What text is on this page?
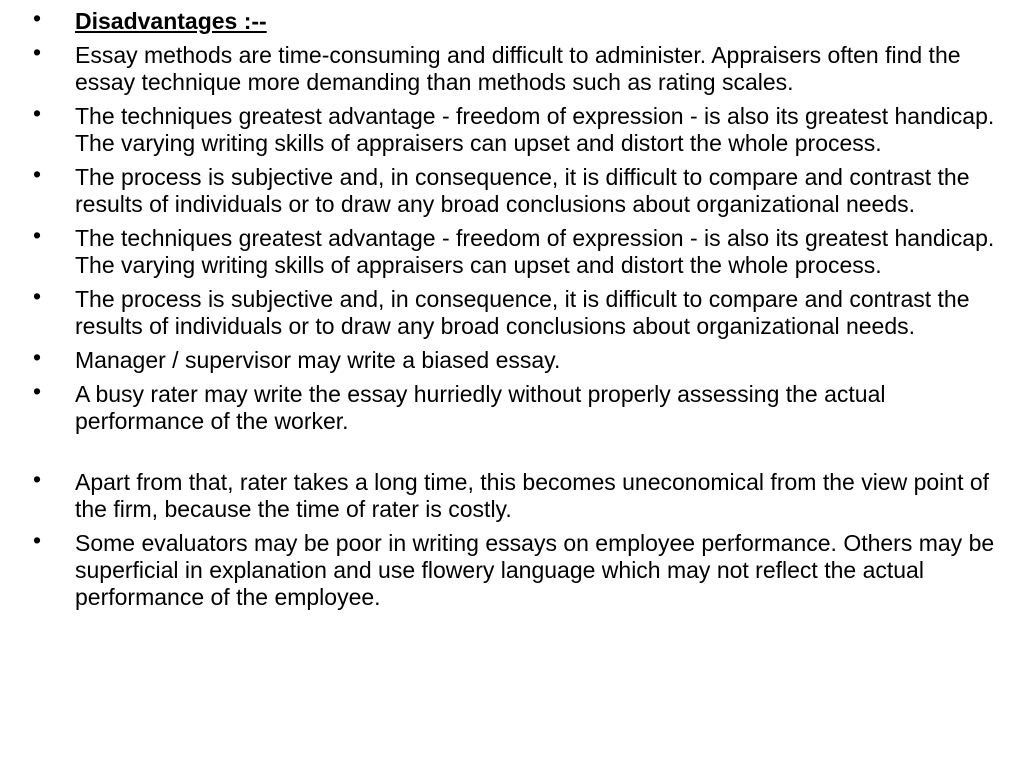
• Disadvantages :--
• Essay methods are time-consuming and difficult to administer. Appraisers often find the essay technique more demanding than methods such as rating scales.
• The techniques greatest advantage - freedom of expression - is also its greatest handicap. The varying writing skills of appraisers can upset and distort the whole process.
• The process is subjective and, in consequence, it is difficult to compare and contrast the results of individuals or to draw any broad conclusions about organizational needs.
• The techniques greatest advantage - freedom of expression - is also its greatest handicap. The varying writing skills of appraisers can upset and distort the whole process.
• The process is subjective and, in consequence, it is difficult to compare and contrast the results of individuals or to draw any broad conclusions about organizational needs.
• Manager / supervisor may write a biased essay.
• A busy rater may write the essay hurriedly without properly assessing the actual performance of the worker.
• Apart from that, rater takes a long time, this becomes uneconomical from the view point of the firm, because the time of rater is costly.
• Some evaluators may be poor in writing essays on employee performance. Others may be superficial in explanation and use flowery language which may not reflect the actual performance of the employee.
